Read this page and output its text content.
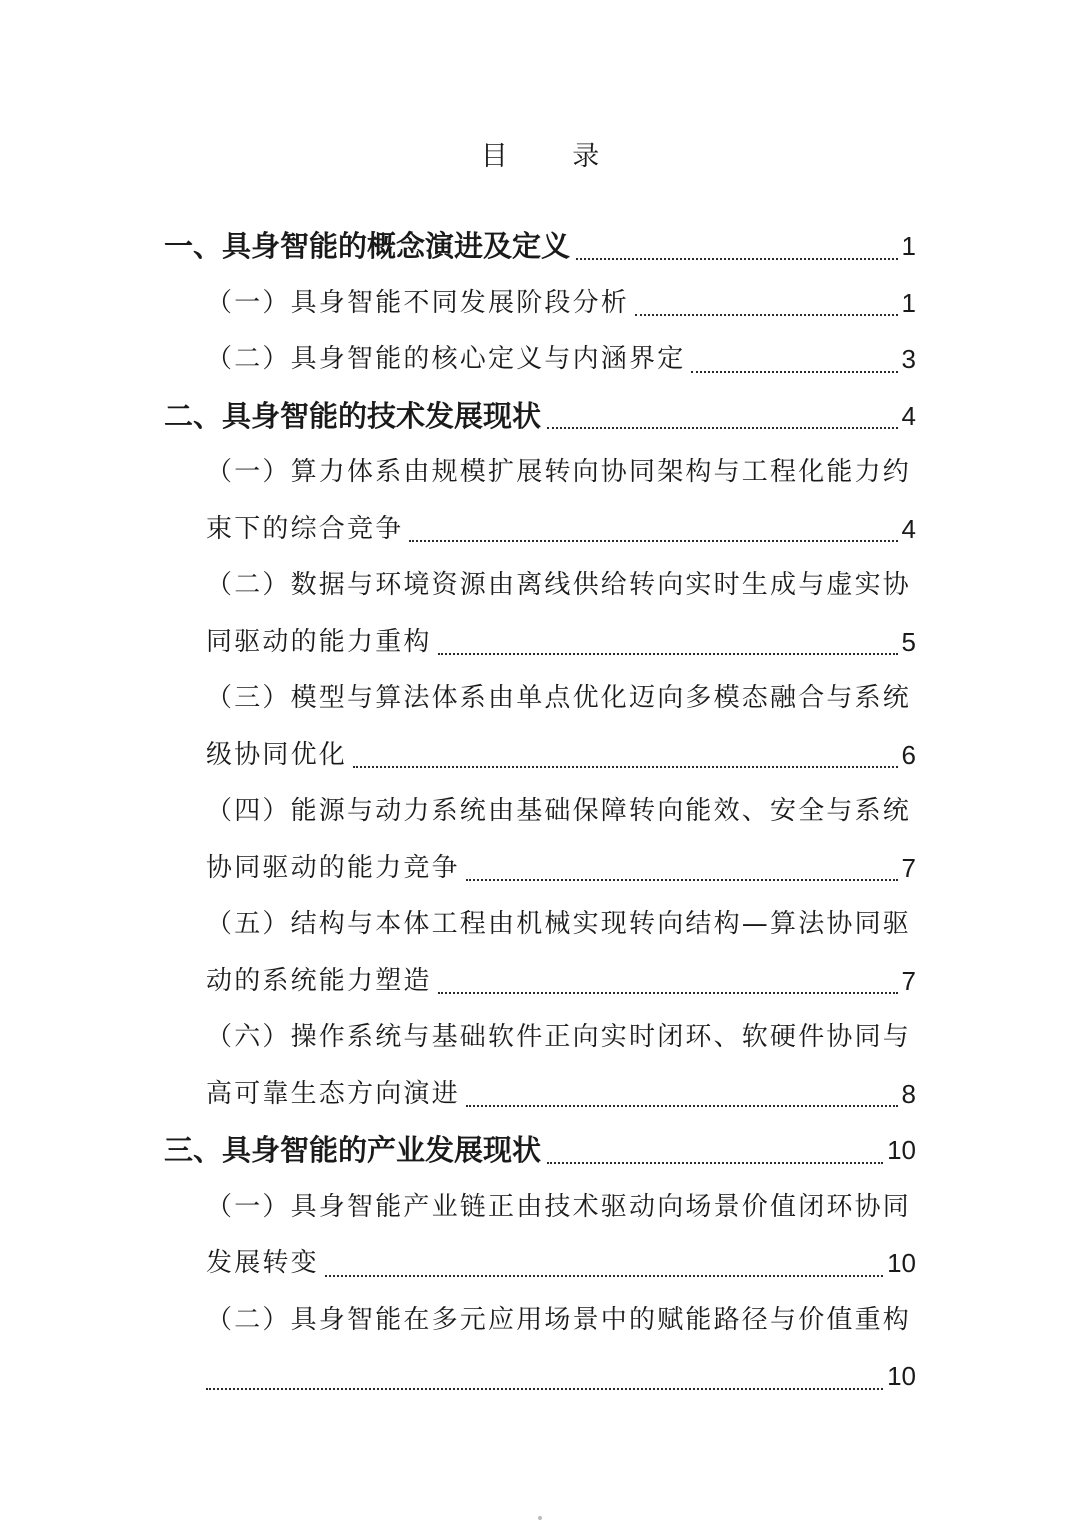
目 录
一、具身智能的概念演进及定义	1
（一）具身智能不同发展阶段分析	1
（二）具身智能的核心定义与内涵界定	3
二、具身智能的技术发展现状	4
（一）算力体系由规模扩展转向协同架构与工程化能力约
束下的综合竞争	4
（二）数据与环境资源由离线供给转向实时生成与虚实协
同驱动的能力重构	5
（三）模型与算法体系由单点优化迈向多模态融合与系统
级协同优化	6
（四）能源与动力系统由基础保障转向能效、安全与系统
协同驱动的能力竞争	7
（五）结构与本体工程由机械实现转向结构—算法协同驱
动的系统能力塑造	7
（六）操作系统与基础软件正向实时闭环、软硬件协同与
高可靠生态方向演进	8
三、具身智能的产业发展现状	10
（一）具身智能产业链正由技术驱动向场景价值闭环协同
发展转变	10
（二）具身智能在多元应用场景中的赋能路径与价值重构
10
